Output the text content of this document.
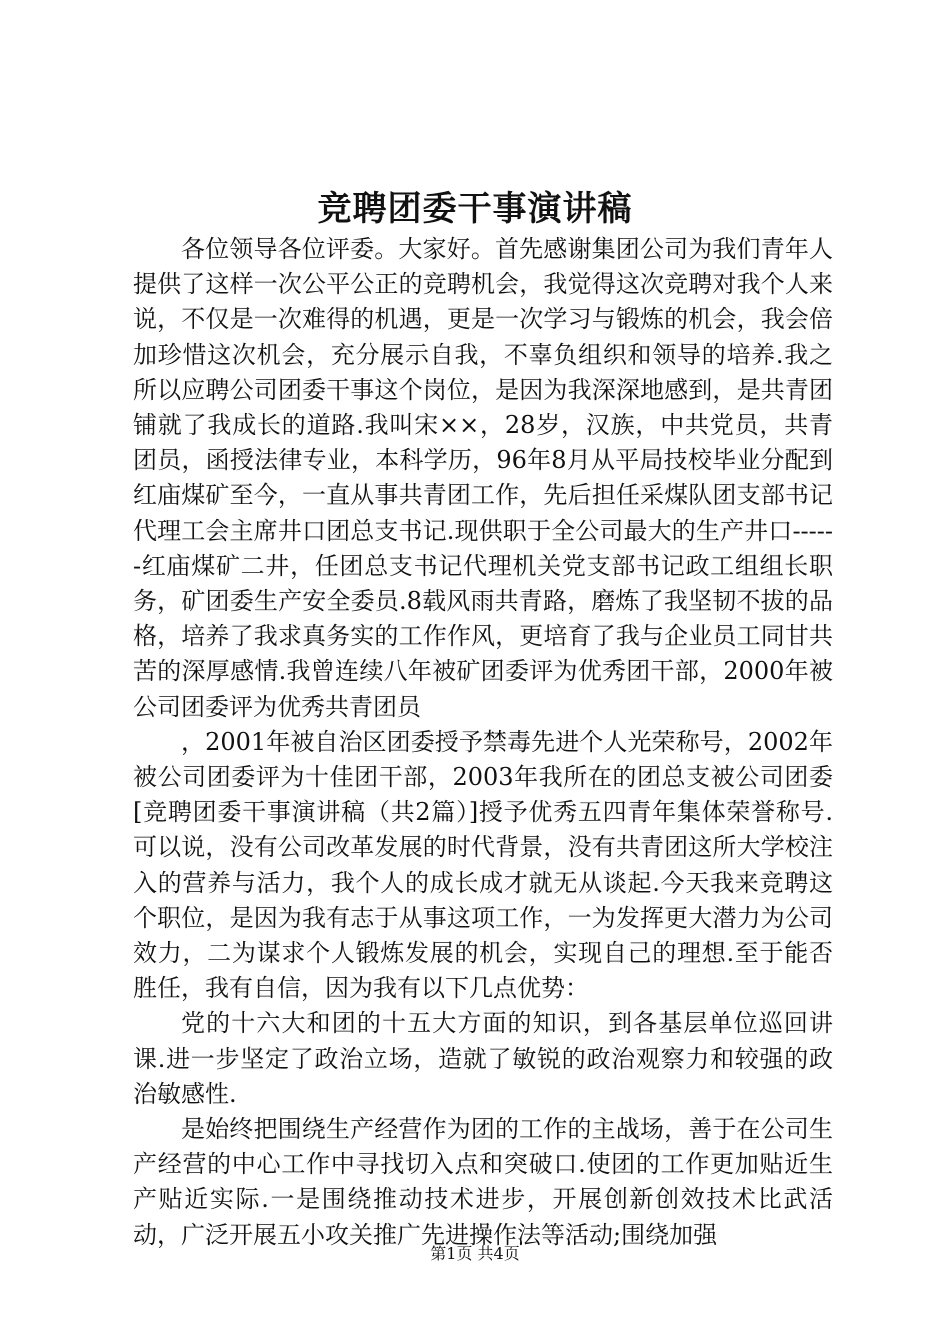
竞聘团委干事演讲稿

各位领导各位评委。大家好。首先感谢集团公司为我们青年人提供了这样一次公平公正的竞聘机会，我觉得这次竞聘对我个人来说，不仅是一次难得的机遇，更是一次学习与锻炼的机会，我会倍加珍惜这次机会，充分展示自我，不辜负组织和领导的培养.我之所以应聘公司团委干事这个岗位，是因为我深深地感到，是共青团铺就了我成长的道路.我叫宋××，28岁，汉族，中共党员，共青团员，函授法律专业，本科学历，96年8月从平局技校毕业分配到红庙煤矿至今，一直从事共青团工作，先后担任采煤队团支部书记代理工会主席井口团总支书记.现供职于全公司最大的生产井口------红庙煤矿二井，任团总支书记代理机关党支部书记政工组组长职务，矿团委生产安全委员.8载风雨共青路，磨炼了我坚韧不拔的品格，培养了我求真务实的工作作风，更培育了我与企业员工同甘共苦的深厚感情.我曾连续八年被矿团委评为优秀团干部，2000年被公司团委评为优秀共青团员

，2001年被自治区团委授予禁毒先进个人光荣称号，2002年被公司团委评为十佳团干部，2003年我所在的团总支被公司团委[竞聘团委干事演讲稿（共2篇）]授予优秀五四青年集体荣誉称号.可以说，没有公司改革发展的时代背景，没有共青团这所大学校注入的营养与活力，我个人的成长成才就无从谈起.今天我来竞聘这个职位，是因为我有志于从事这项工作，一为发挥更大潜力为公司效力，二为谋求个人锻炼发展的机会，实现自己的理想.至于能否胜任，我有自信，因为我有以下几点优势：

党的十六大和团的十五大方面的知识，到各基层单位巡回讲课.进一步坚定了政治立场，造就了敏锐的政治观察力和较强的政治敏感性.

是始终把围绕生产经营作为团的工作的主战场，善于在公司生产经营的中心工作中寻找切入点和突破口.使团的工作更加贴近生产贴近实际.一是围绕推动技术进步，开展创新创效技术比武活动，广泛开展五小攻关推广先进操作法等活动;围绕加强

第1页 共4页
